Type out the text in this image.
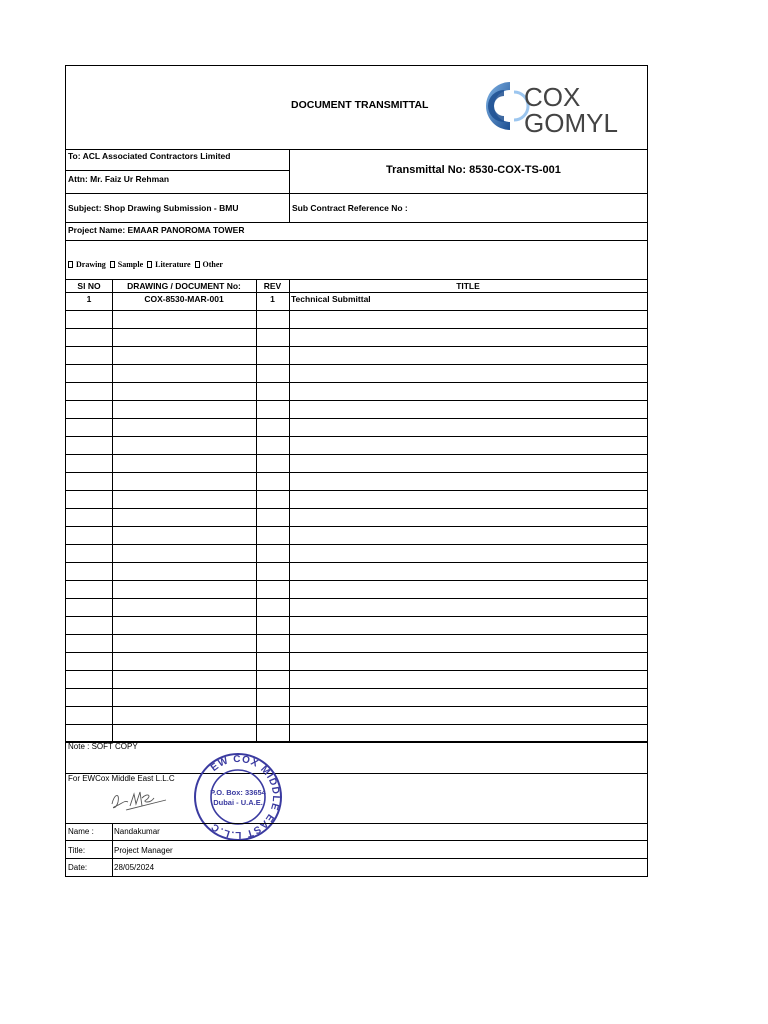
DOCUMENT TRANSMITTAL	COX
GOMYL
To: ACL Associated Contractors Limited
Attn: Mr. Faiz Ur Rehman
Transmittal No: 8530-COX-TS-001
Subject: Shop Drawing Submission - BMU	Sub Contract Reference No :
Project Name: EMAAR PANOROMA TOWER
Drawing Sample Literature Other
Sl NO	DRAWING / DOCUMENT No:	REV	TITLE
1	COX-8530-MAR-001	1	Technical Submittal
Note : SOFT COPY
For EWCox Middle East L.L.C
EW COX MIDDLE EAST L.L.C
P.O. Box: 33654
Dubai - U.A.E.
Name :	Nandakumar
Title:	Project Manager
Date:	28/05/2024
